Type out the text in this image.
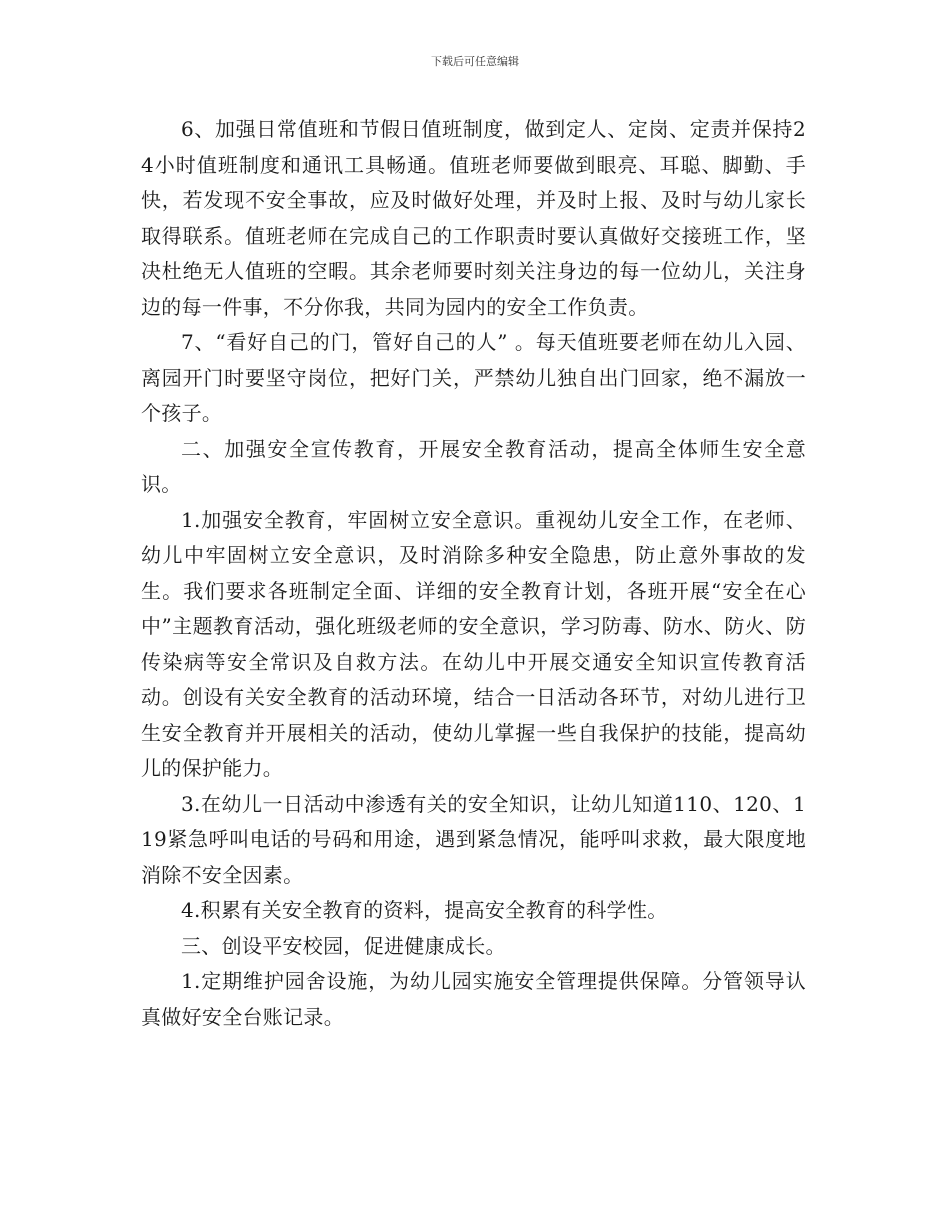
下载后可任意编辑

6、加强日常值班和节假日值班制度，做到定人、定岗、定责并保持24小时值班制度和通讯工具畅通。值班老师要做到眼亮、耳聪、脚勤、手快，若发现不安全事故，应及时做好处理，并及时上报、及时与幼儿家长取得联系。值班老师在完成自己的工作职责时要认真做好交接班工作，坚决杜绝无人值班的空暇。其余老师要时刻关注身边的每一位幼儿，关注身边的每一件事，不分你我，共同为园内的安全工作负责。

7、“看好自己的门，管好自己的人” 。每天值班要老师在幼儿入园、离园开门时要坚守岗位，把好门关，严禁幼儿独自出门回家，绝不漏放一个孩子。

二、加强安全宣传教育，开展安全教育活动，提高全体师生安全意识。

1.加强安全教育，牢固树立安全意识。重视幼儿安全工作，在老师、幼儿中牢固树立安全意识，及时消除多种安全隐患，防止意外事故的发生。我们要求各班制定全面、详细的安全教育计划，各班开展“安全在心中”主题教育活动，强化班级老师的安全意识，学习防毒、防水、防火、防传染病等安全常识及自救方法。在幼儿中开展交通安全知识宣传教育活动。创设有关安全教育的活动环境，结合一日活动各环节，对幼儿进行卫生安全教育并开展相关的活动，使幼儿掌握一些自我保护的技能，提高幼儿的保护能力。

3.在幼儿一日活动中渗透有关的安全知识，让幼儿知道110、120、119紧急呼叫电话的号码和用途，遇到紧急情况，能呼叫求救，最大限度地消除不安全因素。

4.积累有关安全教育的资料，提高安全教育的科学性。

三、创设平安校园，促进健康成长。

1.定期维护园舍设施，为幼儿园实施安全管理提供保障。分管领导认真做好安全台账记录。
